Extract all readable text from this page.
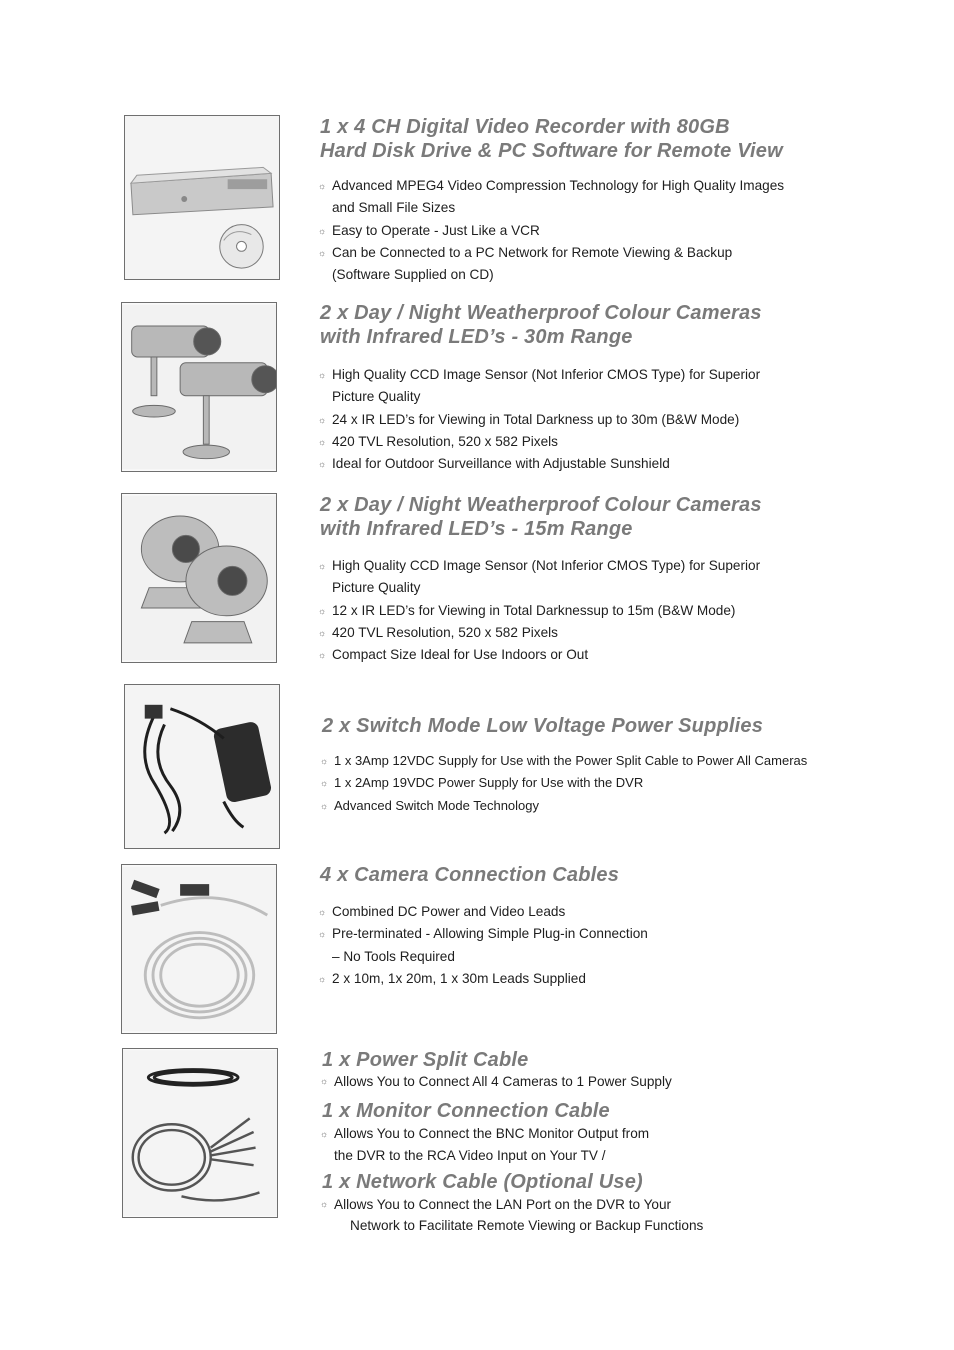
1 x 4 CH Digital Video Recorder with 80GB
Hard Disk Drive & PC Software for Remote View
☼ Advanced MPEG4 Video Compression Technology for High Quality Images
and Small File Sizes
☼ Easy to Operate - Just Like a VCR
☼ Can be Connected to a PC Network for Remote Viewing & Backup
(Software Supplied on CD)
2 x Day / Night Weatherproof Colour Cameras
with Infrared LED’s - 30m Range
☼ High Quality CCD Image Sensor (Not Inferior CMOS Type) for Superior
Picture Quality
☼ 24 x IR LED’s for Viewing in Total Darkness up to 30m (B&W Mode)
☼ 420 TVL Resolution, 520 x 582 Pixels
☼ Ideal for Outdoor Surveillance with Adjustable Sunshield
2 x Day / Night Weatherproof Colour Cameras
with Infrared LED’s - 15m Range
☼ High Quality CCD Image Sensor (Not Inferior CMOS Type) for Superior
Picture Quality
☼ 12 x IR LED’s for Viewing in Total Darknessup to 15m (B&W Mode)
☼ 420 TVL Resolution, 520 x 582 Pixels
☼ Compact Size Ideal for Use Indoors or Out
2 x Switch Mode Low Voltage Power Supplies
☼ 1 x 3Amp 12VDC Supply for Use with the Power Split Cable to Power All Cameras
☼ 1 x 2Amp 19VDC Power Supply for Use with the DVR
☼ Advanced Switch Mode Technology
4 x Camera Connection Cables
☼ Combined DC Power and Video Leads
☼ Pre-terminated - Allowing Simple Plug-in Connection
– No Tools Required
☼ 2 x 10m, 1x 20m, 1 x 30m Leads Supplied
1 x Power Split Cable
☼ Allows You to Connect All 4 Cameras to 1 Power Supply
1 x Monitor Connection Cable
☼ Allows You to Connect the BNC Monitor Output from
the DVR to the RCA Video Input on Your TV /
1 x Network Cable (Optional Use)
☼ Allows You to Connect the LAN Port on the DVR to Your
Network to Facilitate Remote Viewing or Backup Functions
